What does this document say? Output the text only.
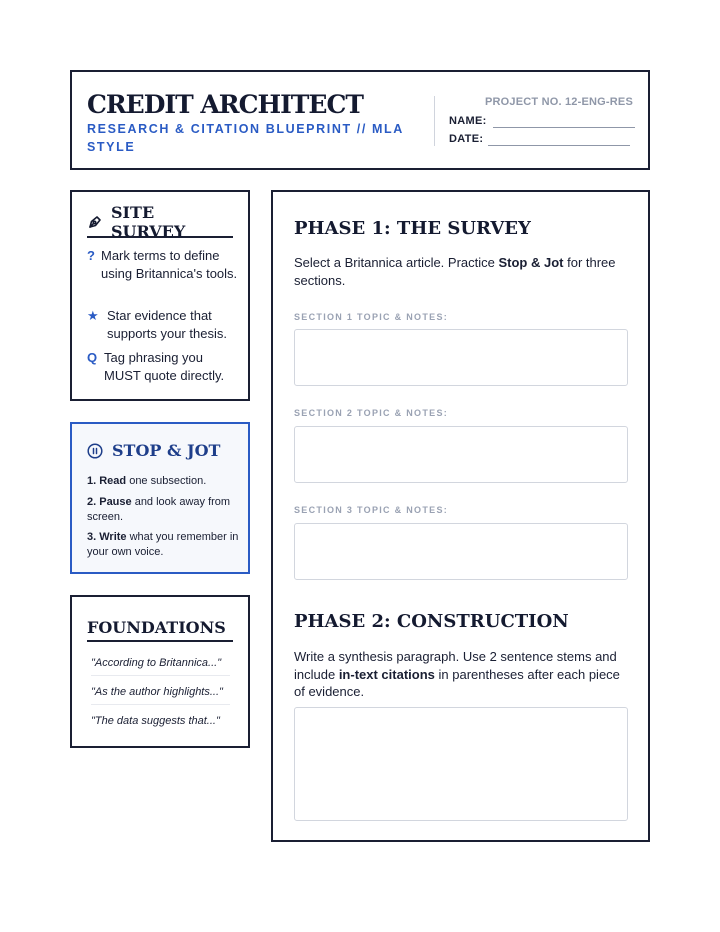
CREDIT ARCHITECT
RESEARCH & CITATION BLUEPRINT // MLA STYLE
PROJECT NO. 12-ENG-RES
NAME:
DATE:
SITE SURVEY
? Mark terms to define using Britannica's tools.
★ Star evidence that supports your thesis.
Q Tag phrasing you MUST quote directly.
STOP & JOT
1. Read one subsection.
2. Pause and look away from screen.
3. Write what you remember in your own voice.
FOUNDATIONS
"According to Britannica..."
"As the author highlights..."
"The data suggests that..."
PHASE 1: THE SURVEY
Select a Britannica article. Practice Stop & Jot for three sections.
SECTION 1 TOPIC & NOTES:
SECTION 2 TOPIC & NOTES:
SECTION 3 TOPIC & NOTES:
PHASE 2: CONSTRUCTION
Write a synthesis paragraph. Use 2 sentence stems and include in-text citations in parentheses after each piece of evidence.
